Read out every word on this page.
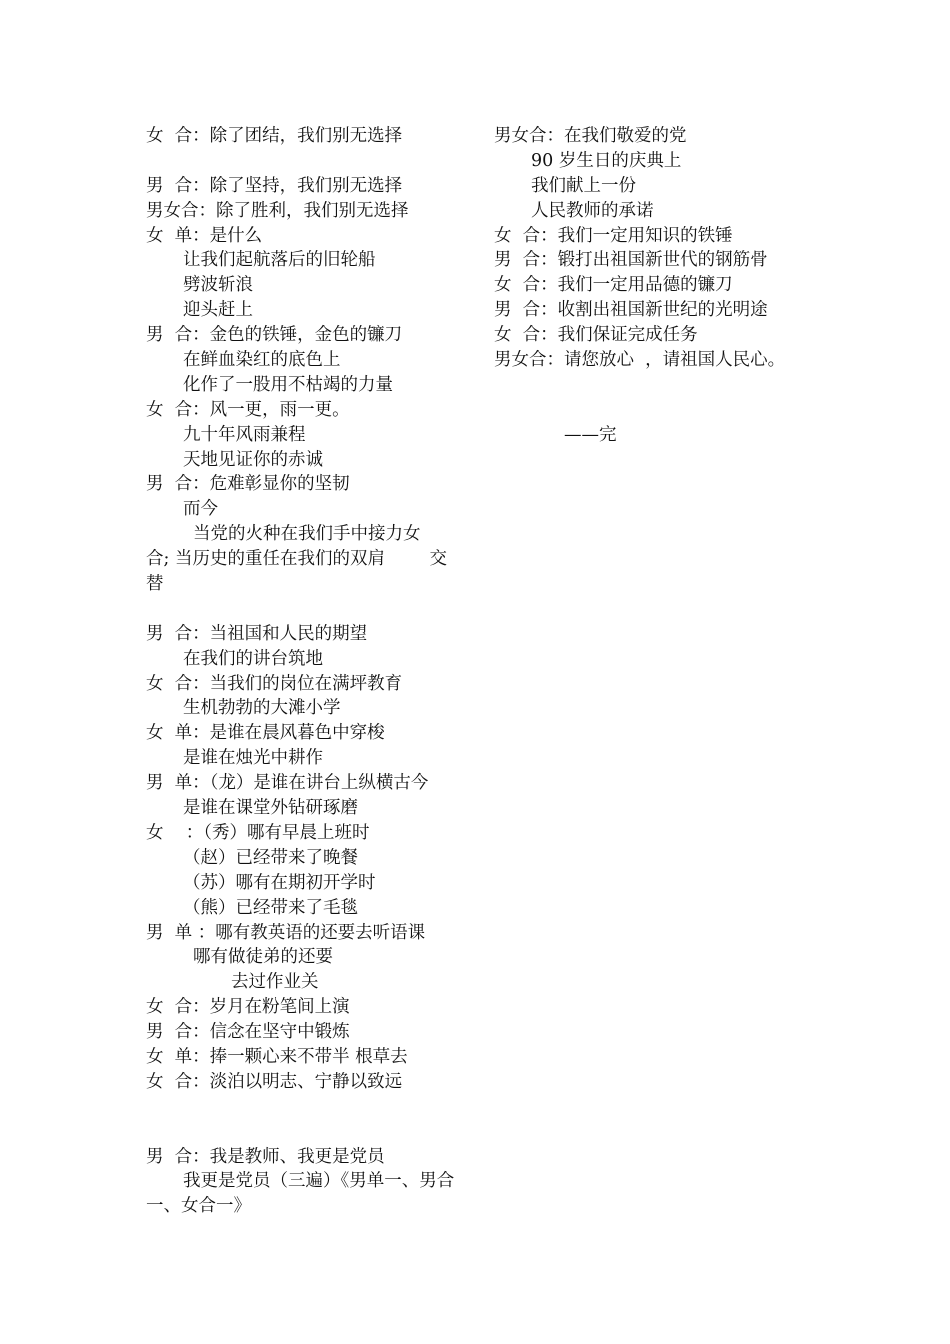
女  合：除了团结，我们别无选择
男  合：除了坚持，我们别无选择
男女合：除了胜利，我们别无选择
女  单：是什么
让我们起航落后的旧轮船
劈波斩浪
迎头赶上
男  合：金色的铁锤，金色的镰刀
在鲜血染红的底色上
化作了一股用不枯竭的力量
女  合：风一更，雨一更。
九十年风雨兼程
天地见证你的赤诚
男  合：危难彰显你的坚韧
而今
当党的火种在我们手中接力女
合; 当历史的重任在我们的双肩        交
替
男  合：当祖国和人民的期望
在我们的讲台筑地
女  合：当我们的岗位在满坪教育
生机勃勃的大滩小学
女  单：是谁在晨风暮色中穿梭
是谁在烛光中耕作
男  单：（龙）是谁在讲台上纵横古今
是谁在课堂外钻研琢磨
女    ：（秀）哪有早晨上班时
（赵）已经带来了晚餐
（苏）哪有在期初开学时
（熊）已经带来了毛毯
男  单 ：哪有教英语的还要去听语课
哪有做徒弟的还要
去过作业关
女  合：岁月在粉笔间上演
男  合：信念在坚守中锻炼
女  单：捧一颗心来不带半 根草去
女  合：淡泊以明志、宁静以致远
男  合：我是教师、我更是党员
我更是党员（三遍）《男单一、男合
一、女合一》
男女合：在我们敬爱的党
90 岁生日的庆典上
我们献上一份
人民教师的承诺
女  合：我们一定用知识的铁锤
男  合：锻打出祖国新世代的钢筋骨
女  合：我们一定用品德的镰刀
男  合：收割出祖国新世纪的光明途
女  合：我们保证完成任务
男女合：请您放心  ，请祖国人民心。
——完
